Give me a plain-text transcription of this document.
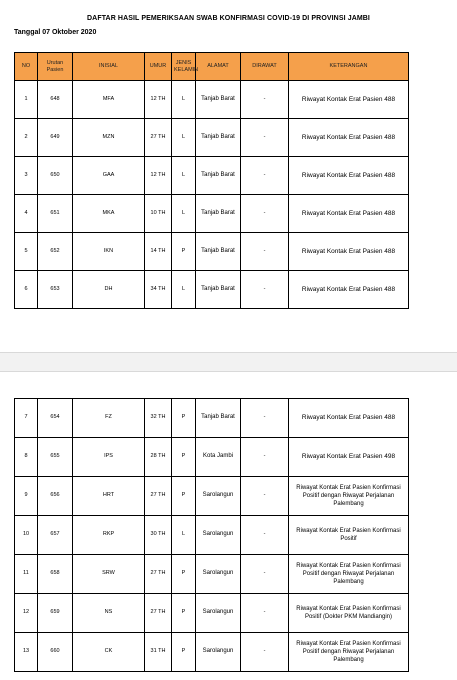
DAFTAR HASIL PEMERIKSAAN SWAB KONFIRMASI COVID-19 DI PROVINSI JAMBI
Tanggal 07 Oktober 2020
NO	Urutan Pasien	INISIAL	UMUR	JENIS KELAMIN	ALAMAT	DIRAWAT	KETERANGAN
1	648	MFA	12 TH	L	Tanjab Barat	-	Riwayat Kontak Erat Pasien 488
2	649	MZN	27 TH	L	Tanjab Barat	-	Riwayat Kontak Erat Pasien 488
3	650	GAA	12 TH	L	Tanjab Barat	-	Riwayat Kontak Erat Pasien 488
4	651	MKA	10 TH	L	Tanjab Barat	-	Riwayat Kontak Erat Pasien 488
5	652	IKN	14 TH	P	Tanjab Barat	-	Riwayat Kontak Erat Pasien 488
6	653	DH	34 TH	L	Tanjab Barat	-	Riwayat Kontak Erat Pasien 488
7	654	FZ	32 TH	P	Tanjab Barat	-	Riwayat Kontak Erat Pasien 488
8	655	IPS	28 TH	P	Kota Jambi	-	Riwayat Kontak Erat Pasien 498
9	656	HRT	27 TH	P	Sarolangun	-	Riwayat Kontak Erat Pasien Konfirmasi Positif dengan Riwayat Perjalanan Palembang
10	657	RKP	30 TH	L	Sarolangun	-	Riwayat Kontak Erat Pasien Konfirmasi Positif
11	658	SRW	27 TH	P	Sarolangun	-	Riwayat Kontak Erat Pasien Konfirmasi Positif dengan Riwayat Perjalanan Palembang
12	659	NS	27 TH	P	Sarolangun	-	Riwayat Kontak Erat Pasien Konfirmasi Positif (Dokter PKM Mandiangin)
13	660	CK	31 TH	P	Sarolangun	-	Riwayat Kontak Erat Pasien Konfirmasi Positif dengan Riwayat Perjalanan Palembang
